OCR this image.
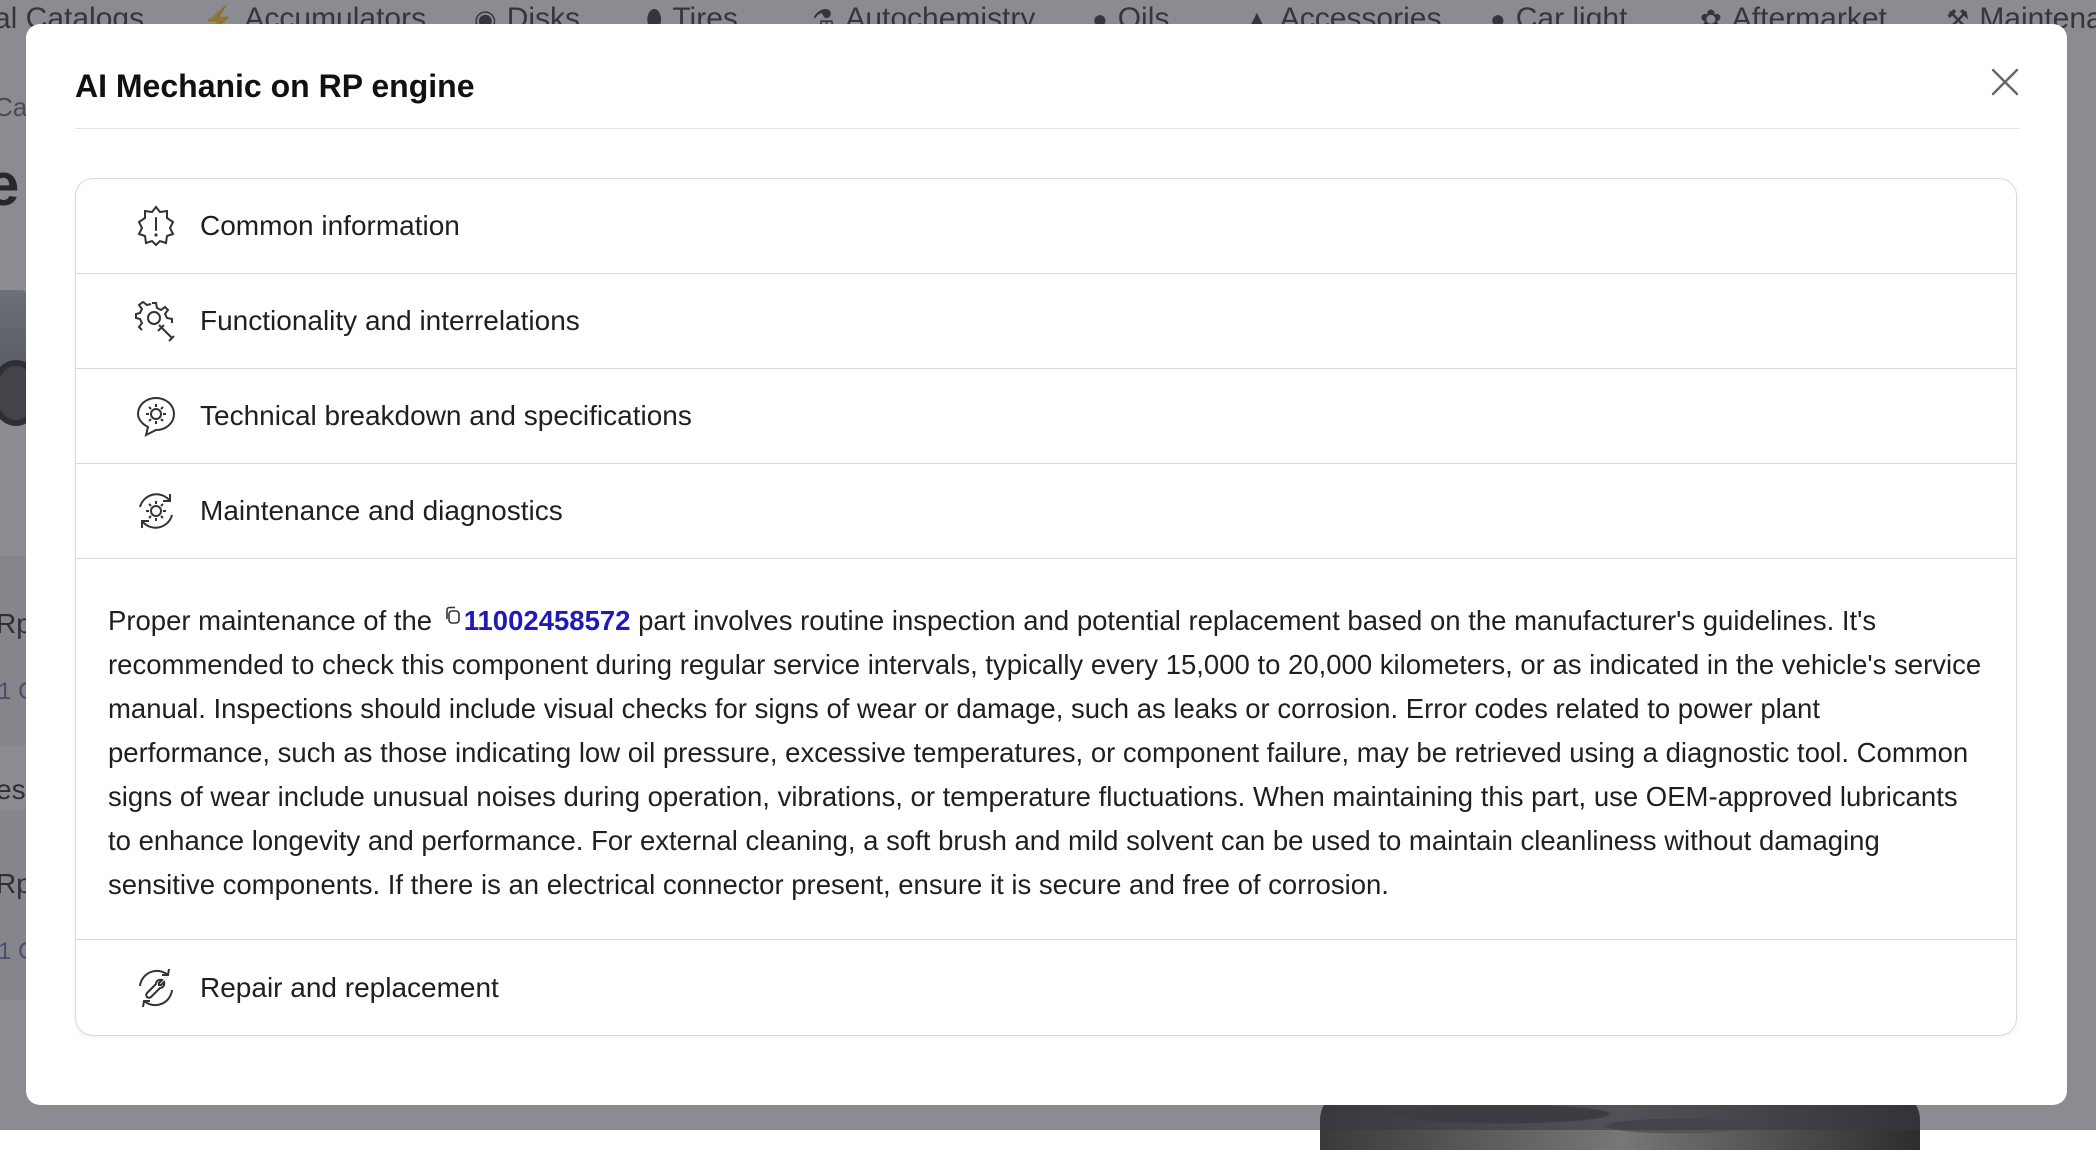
AI Mechanic on RP engine
Common information
Functionality and interrelations
Technical breakdown and specifications
Maintenance and diagnostics
Proper maintenance of the 11002458572 part involves routine inspection and potential replacement based on the manufacturer's guidelines. It's recommended to check this component during regular service intervals, typically every 15,000 to 20,000 kilometers, or as indicated in the vehicle's service manual. Inspections should include visual checks for signs of wear or damage, such as leaks or corrosion. Error codes related to power plant performance, such as those indicating low oil pressure, excessive temperatures, or component failure, may be retrieved using a diagnostic tool. Common signs of wear include unusual noises during operation, vibrations, or temperature fluctuations. When maintaining this part, use OEM-approved lubricants to enhance longevity and performance. For external cleaning, a soft brush and mild solvent can be used to maintain cleanliness without damaging sensitive components. If there is an electrical connector present, ensure it is secure and free of corrosion.
Repair and replacement
